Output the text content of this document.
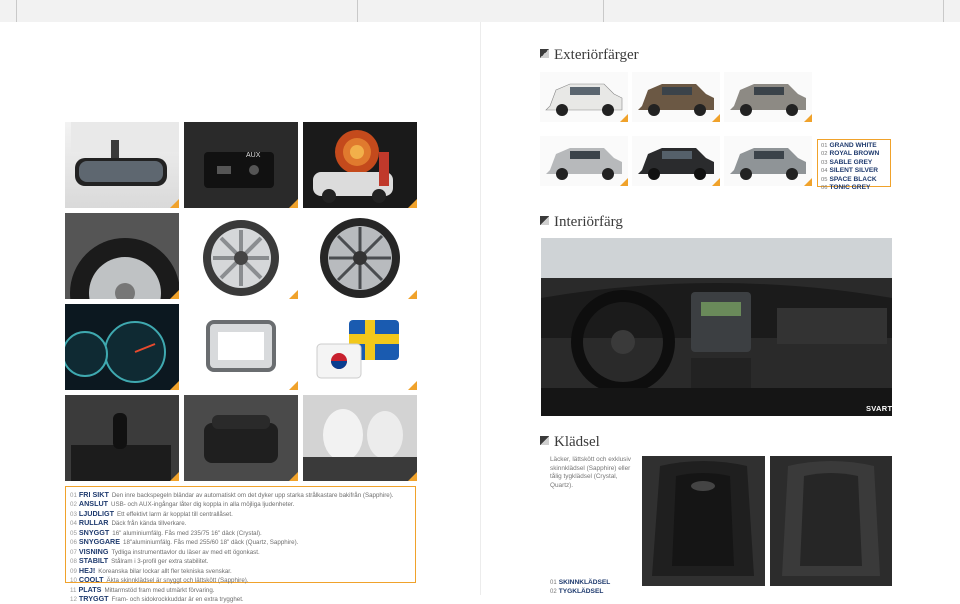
AUX
01 FRI SIKT Den inre backspegeln bländar av automatiskt om det dyker upp starka strålkastare bakifrån (Sapphire).
02 ANSLUT USB- och AUX-ingångar låter dig koppla in alla möjliga ljudenheter.
03 LJUDLIGT Ett effektivt larm är kopplat till centrallåset.
04 RULLAR Däck från kända tillverkare.
05 SNYGGT 16" aluminiumfälg. Fås med 235/75 16" däck (Crystal).
06 SNYGGARE 18"aluminiumfälg. Fås med 255/60 18" däck (Quartz, Sapphire).
07 VISNING Tydliga instrumenttavlor du läser av med ett ögonkast.
08 STABILT Stålram i 3-profil ger extra stabilitet.
09 HEJ! Koreanska bilar lockar allt fler tekniska svenskar.
10 COOLT Äkta skinnklädsel är snyggt och lättskött (Sapphire).
11 PLATS Mittarmstöd fram med utmärkt förvaring.
12 TRYGGT Fram- och sidokrockkuddar är en extra trygghet.
Exteriörfärger
01 GRAND WHITE
02 ROYAL BROWN
03 SABLE GREY
04 SILENT SILVER
05 SPACE BLACK
06 TONIC GREY
Interiörfärg
SVART
Klädsel
Läcker, lättskött och exklusiv skinnklädsel (Sapphire) eller tålig tygklädsel (Crystal, Quartz).
01 SKINNKLÄDSEL
02 TYGKLÄDSEL
